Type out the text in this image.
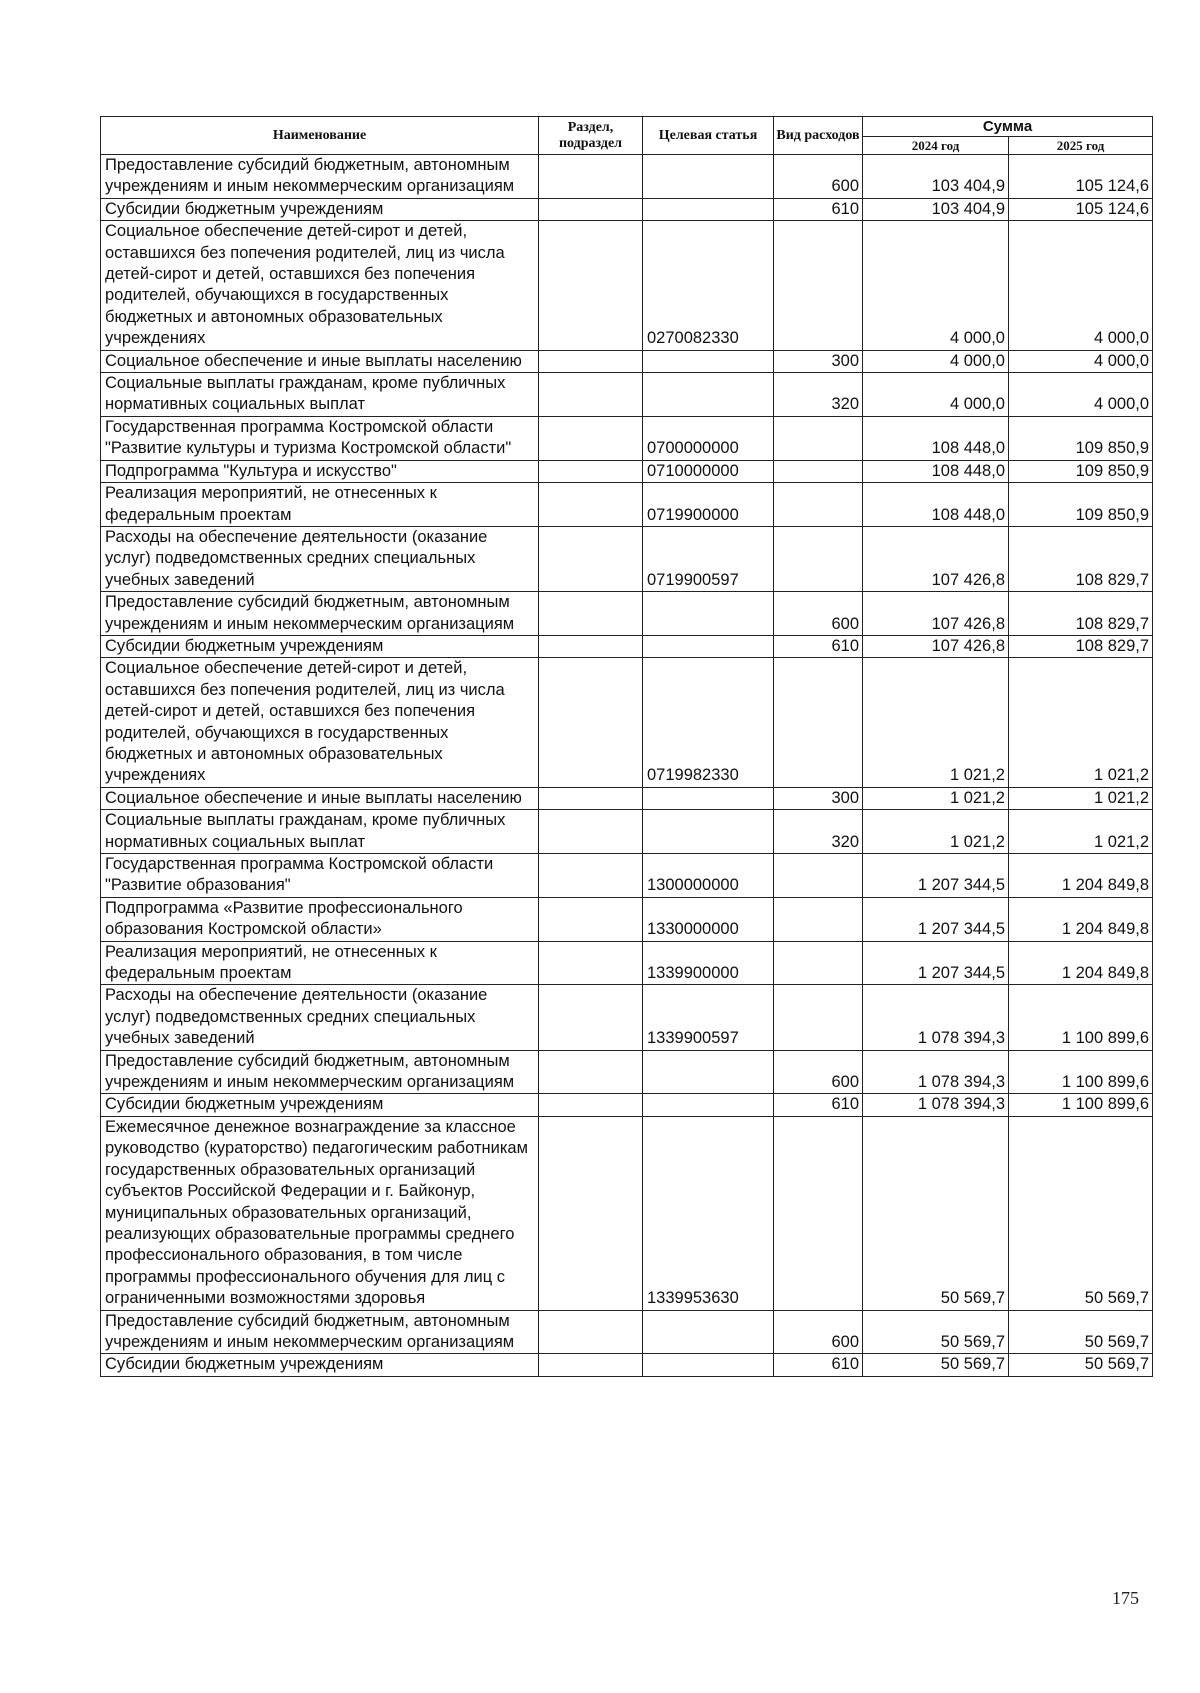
Наименование	Раздел, подраздел	Целевая статья	Вид расходов	Сумма	
				2024 год	2025 год
Предоставление субсидий бюджетным, автономным учреждениям и иным некоммерческим организациям			600	103 404,9	105 124,6
Субсидии бюджетным учреждениям			610	103 404,9	105 124,6
Социальное обеспечение детей-сирот и детей, оставшихся без попечения родителей, лиц из числа детей-сирот и детей, оставшихся без попечения родителей, обучающихся в государственных бюджетных и автономных образовательных учреждениях		0270082330		4 000,0	4 000,0
Социальное обеспечение и иные выплаты населению			300	4 000,0	4 000,0
Социальные выплаты гражданам, кроме публичных нормативных социальных выплат			320	4 000,0	4 000,0
Государственная программа Костромской области "Развитие культуры и туризма Костромской области"		0700000000		108 448,0	109 850,9
Подпрограмма "Культура и искусство"		0710000000		108 448,0	109 850,9
Реализация мероприятий, не отнесенных к федеральным проектам		0719900000		108 448,0	109 850,9
Расходы на обеспечение деятельности (оказание услуг) подведомственных средних специальных учебных заведений		0719900597		107 426,8	108 829,7
Предоставление субсидий бюджетным, автономным учреждениям и иным некоммерческим организациям			600	107 426,8	108 829,7
Субсидии бюджетным учреждениям			610	107 426,8	108 829,7
Социальное обеспечение детей-сирот и детей, оставшихся без попечения родителей, лиц из числа детей-сирот и детей, оставшихся без попечения родителей, обучающихся в государственных бюджетных и автономных образовательных учреждениях		0719982330		1 021,2	1 021,2
Социальное обеспечение и иные выплаты населению			300	1 021,2	1 021,2
Социальные выплаты гражданам, кроме публичных нормативных социальных выплат			320	1 021,2	1 021,2
Государственная программа Костромской области "Развитие образования"		1300000000		1 207 344,5	1 204 849,8
Подпрограмма «Развитие профессионального образования Костромской области»		1330000000		1 207 344,5	1 204 849,8
Реализация мероприятий, не отнесенных к федеральным проектам		1339900000		1 207 344,5	1 204 849,8
Расходы на обеспечение деятельности (оказание услуг) подведомственных средних специальных учебных заведений		1339900597		1 078 394,3	1 100 899,6
Предоставление субсидий бюджетным, автономным учреждениям и иным некоммерческим организациям			600	1 078 394,3	1 100 899,6
Субсидии бюджетным учреждениям			610	1 078 394,3	1 100 899,6
Ежемесячное денежное вознаграждение за классное руководство (кураторство) педагогическим работникам государственных образовательных организаций субъектов Российской Федерации и г. Байконур, муниципальных образовательных организаций, реализующих образовательные программы среднего профессионального образования, в том числе программы профессионального обучения для лиц с ограниченными возможностями здоровья		1339953630		50 569,7	50 569,7
Предоставление субсидий бюджетным, автономным учреждениям и иным некоммерческим организациям			600	50 569,7	50 569,7
Субсидии бюджетным учреждениям			610	50 569,7	50 569,7
175
